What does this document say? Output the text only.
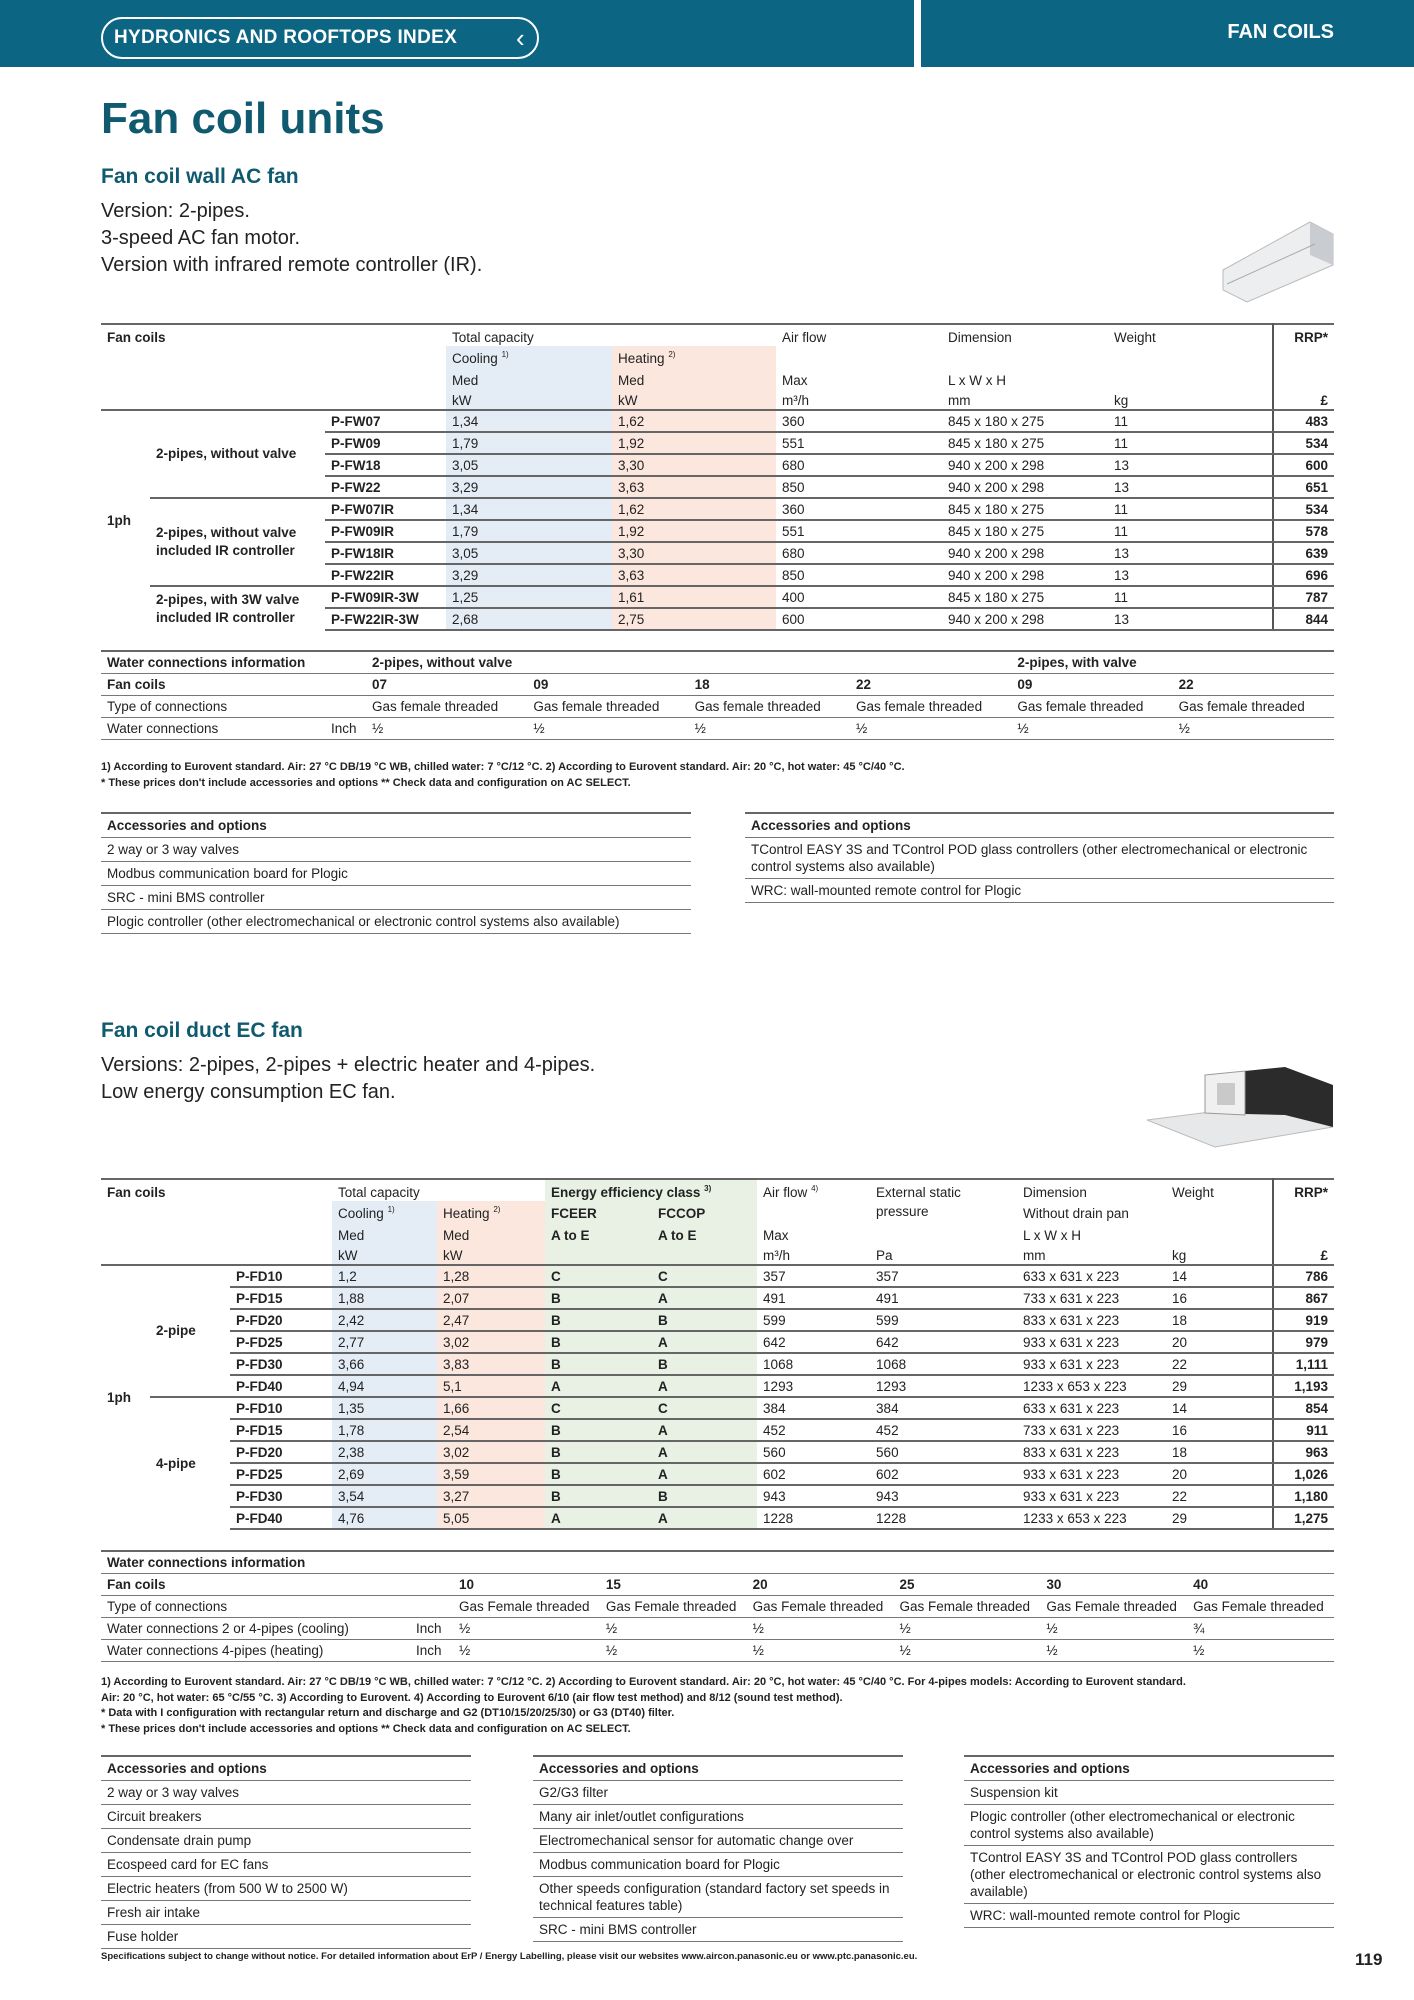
HYDRONICS AND ROOFTOPS INDEX ‹	FAN COILS
Fan coil units
Fan coil wall AC fan
Version: 2-pipes.
3-speed AC fan motor.
Version with infrared remote controller (IR).
Fan coils			Total capacity		Air flow	Dimension	Weight	RRP*
			Cooling $^{1)}$	Heating $^{2)}$				
			Med	Med	Max	L x W x H		
			kW	kW	m³/h	mm	kg	£
1ph	2-pipes, without valve	P-FW07	1,34	1,62	360	845 x 180 x 275	11	483
		P-FW09	1,79	1,92	551	845 x 180 x 275	11	534
		P-FW18	3,05	3,30	680	940 x 200 x 298	13	600
		P-FW22	3,29	3,63	850	940 x 200 x 298	13	651
	2-pipes, without valve included IR controller	P-FW07IR	1,34	1,62	360	845 x 180 x 275	11	534
		P-FW09IR	1,79	1,92	551	845 x 180 x 275	11	578
		P-FW18IR	3,05	3,30	680	940 x 200 x 298	13	639
		P-FW22IR	3,29	3,63	850	940 x 200 x 298	13	696
	2-pipes, with 3W valve included IR controller	P-FW09IR-3W	1,25	1,61	400	845 x 180 x 275	11	787
		P-FW22IR-3W	2,68	2,75	600	940 x 200 x 298	13	844
Water connections information		2-pipes, without valve				2-pipes, with valve	
Fan coils		07	09	18	22	09	22
Type of connections		Gas female threaded	Gas female threaded	Gas female threaded	Gas female threaded	Gas female threaded	Gas female threaded
Water connections	Inch	½	½	½	½	½	½
1) According to Eurovent standard. Air: 27 °C DB/19 °C WB, chilled water: 7 °C/12 °C. 2) According to Eurovent standard. Air: 20 °C, hot water: 45 °C/40 °C.
* These prices don't include accessories and options ** Check data and configuration on AC SELECT.
Accessories and options
2 way or 3 way valves
Modbus communication board for Plogic
SRC - mini BMS controller
Plogic controller (other electromechanical or electronic control systems also available)
Accessories and options
TControl EASY 3S and TControl POD glass controllers (other electromechanical or electronic control systems also available)
WRC: wall-mounted remote control for Plogic
Fan coil duct EC fan
Versions: 2-pipes, 2-pipes + electric heater and 4-pipes.
Low energy consumption EC fan.
Fan coils			Total capacity		Energy efficiency class $^{3)}$		Air flow $^{4)}$	External static pressure	Dimension	Weight	RRP*
			Cooling $^{1)}$	Heating $^{2)}$	FCEER	FCCOP			Without drain pan		
			Med	Med	A to E	A to E	Max		L x W x H		
			kW	kW			m³/h	Pa	mm	kg	£
1ph	2-pipe	P-FD10	1,2	1,28	C	C	357	357	633 x 631 x 223	14	786
		P-FD15	1,88	2,07	B	A	491	491	733 x 631 x 223	16	867
		P-FD20	2,42	2,47	B	B	599	599	833 x 631 x 223	18	919
		P-FD25	2,77	3,02	B	A	642	642	933 x 631 x 223	20	979
		P-FD30	3,66	3,83	B	B	1068	1068	933 x 631 x 223	22	1,111
		P-FD40	4,94	5,1	A	A	1293	1293	1233 x 653 x 223	29	1,193
	4-pipe	P-FD10	1,35	1,66	C	C	384	384	633 x 631 x 223	14	854
		P-FD15	1,78	2,54	B	A	452	452	733 x 631 x 223	16	911
		P-FD20	2,38	3,02	B	A	560	560	833 x 631 x 223	18	963
		P-FD25	2,69	3,59	B	A	602	602	933 x 631 x 223	20	1,026
		P-FD30	3,54	3,27	B	B	943	943	933 x 631 x 223	22	1,180
		P-FD40	4,76	5,05	A	A	1228	1228	1233 x 653 x 223	29	1,275
Water connections information							
Fan coils		10	15	20	25	30	40
Type of connections		Gas Female threaded	Gas Female threaded	Gas Female threaded	Gas Female threaded	Gas Female threaded	Gas Female threaded
Water connections 2 or 4-pipes (cooling)	Inch	½	½	½	½	½	¾
Water connections 4-pipes (heating)	Inch	½	½	½	½	½	½
1) According to Eurovent standard. Air: 27 °C DB/19 °C WB, chilled water: 7 °C/12 °C. 2) According to Eurovent standard. Air: 20 °C, hot water: 45 °C/40 °C. For 4-pipes models: According to Eurovent standard.
Air: 20 °C, hot water: 65 °C/55 °C. 3) According to Eurovent. 4) According to Eurovent 6/10 (air flow test method) and 8/12 (sound test method).
* Data with I configuration with rectangular return and discharge and G2 (DT10/15/20/25/30) or G3 (DT40) filter.
* These prices don't include accessories and options ** Check data and configuration on AC SELECT.
Accessories and options
2 way or 3 way valves
Circuit breakers
Condensate drain pump
Ecospeed card for EC fans
Electric heaters (from 500 W to 2500 W)
Fresh air intake
Fuse holder
Accessories and options
G2/G3 filter
Many air inlet/outlet configurations
Electromechanical sensor for automatic change over
Modbus communication board for Plogic
Other speeds configuration (standard factory set speeds in technical features table)
SRC - mini BMS controller
Accessories and options
Suspension kit
Plogic controller (other electromechanical or electronic control systems also available)
TControl EASY 3S and TControl POD glass controllers (other electromechanical or electronic control systems also available)
WRC: wall-mounted remote control for Plogic
Specifications subject to change without notice. For detailed information about ErP / Energy Labelling, please visit our websites www.aircon.panasonic.eu or www.ptc.panasonic.eu.	119
